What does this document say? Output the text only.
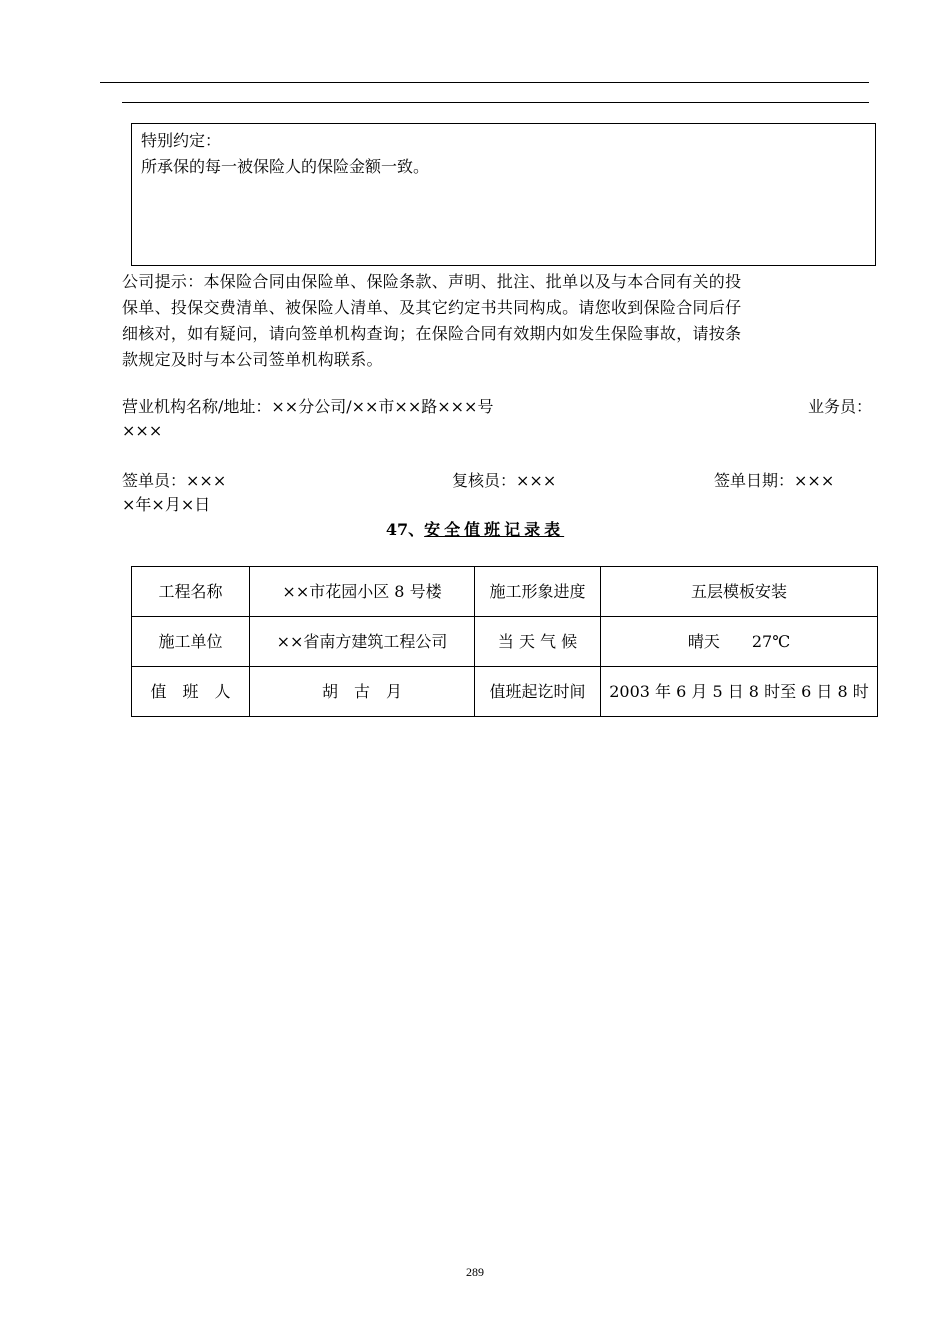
特别约定：
所承保的每一被保险人的保险金额一致。
公司提示：本保险合同由保险单、保险条款、声明、批注、批单以及与本合同有关的投
保单、投保交费清单、被保险人清单、及其它约定书共同构成。请您收到保险合同后仔
细核对，如有疑问，请向签单机构查询；在保险合同有效期内如发生保险事故，请按条
款规定及时与本公司签单机构联系。
营业机构名称/地址：××分公司/××市××路×××号	业务员：
×××
签单员：×××	复核员：×××	签单日期：×××
×年×月×日
47、安全值班记录表
工程名称	××市花园小区 8 号楼	施工形象进度	五层模板安装
施工单位	××省南方建筑工程公司	当 天 气 候	晴天　　27℃
值　班　人	胡　古　月	值班起讫时间	2003 年 6 月 5 日 8 时至 6 日 8 时
289
